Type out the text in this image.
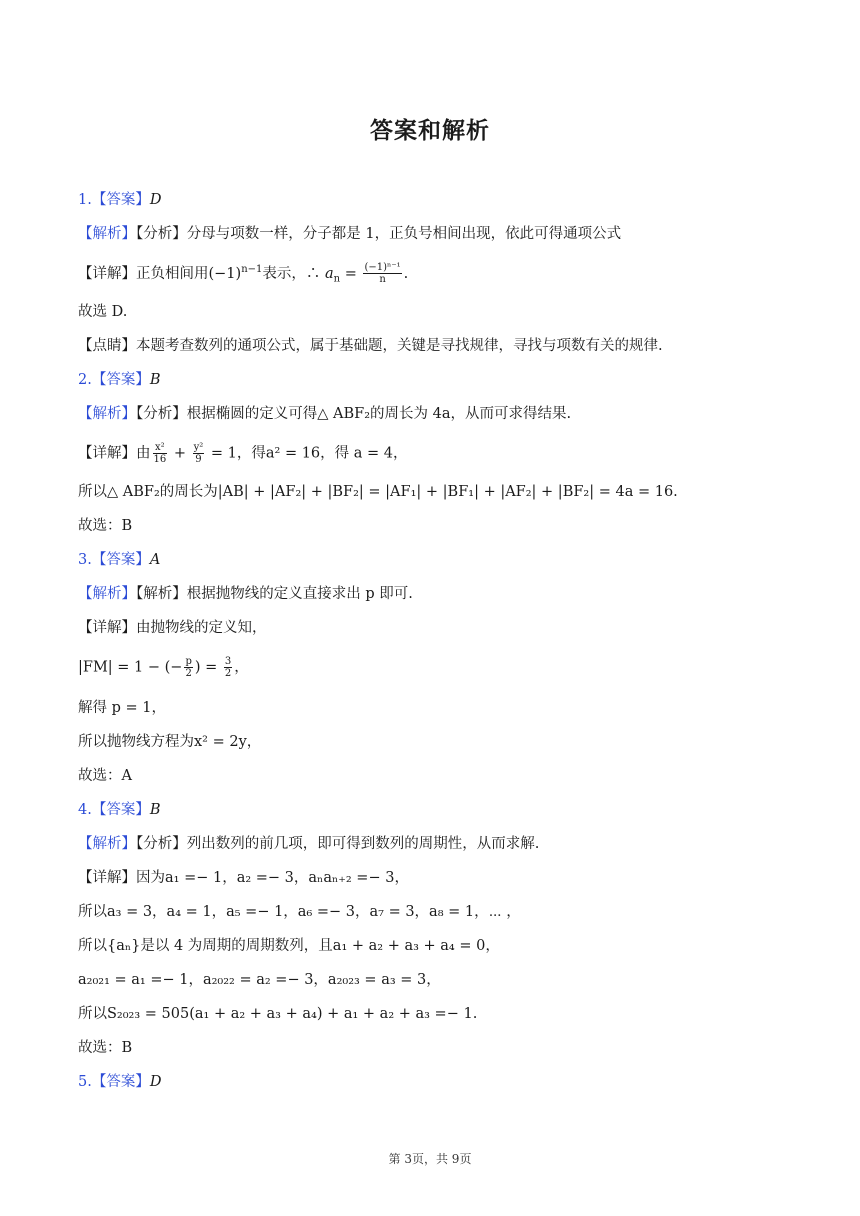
答案和解析
1.【答案】D
【解析】【分析】分母与项数一样，分子都是 1，正负号相间出现，依此可得通项公式
【详解】正负相间用$(-1)^{n-1}$表示，∴ $a_n = \frac{\text{(−1)ⁿ⁻¹}}{n}$ .
故选 D.
【点睛】本题考查数列的通项公式，属于基础题，关键是寻找规律，寻找与项数有关的规律.
2.【答案】B
【解析】【分析】根据椭圆的定义可得△ ABF₂的周长为 4a，从而可求得结果.
【详解】由 $\frac{\text{x²}}{16} + \frac{\text{y²}}{9} = 1$，得a² = 16，得 a = 4，
所以△ ABF₂的周长为|AB| + |AF₂| + |BF₂| = |AF₁| + |BF₁| + |AF₂| + |BF₂| = 4a = 16.
故选：B
3.【答案】A
【解析】【解析】根据抛物线的定义直接求出 p 即可.
【详解】由抛物线的定义知，
|FM| = 1 − (− $\frac{p}{2}$ ) = $\frac{3}{2}$ ，
解得 p = 1，
所以抛物线方程为x² = 2y，
故选：A
4.【答案】B
【解析】【分析】列出数列的前几项，即可得到数列的周期性，从而求解.
【详解】因为a₁ =− 1，a₂ =− 3，aₙaₙ₊₂ =− 3，
所以a₃ = 3，a₄ = 1，a₅ =− 1，a₆ =− 3，a₇ = 3，a₈ = 1，⋯ ，
所以{aₙ}是以 4 为周期的周期数列，且a₁ + a₂ + a₃ + a₄ = 0，
a₂₀₂₁ = a₁ =− 1，a₂₀₂₂ = a₂ =− 3，a₂₀₂₃ = a₃ = 3，
所以S₂₀₂₃ = 505(a₁ + a₂ + a₃ + a₄) + a₁ + a₂ + a₃ =− 1.
故选：B
5.【答案】D
第 3页，共 9页
